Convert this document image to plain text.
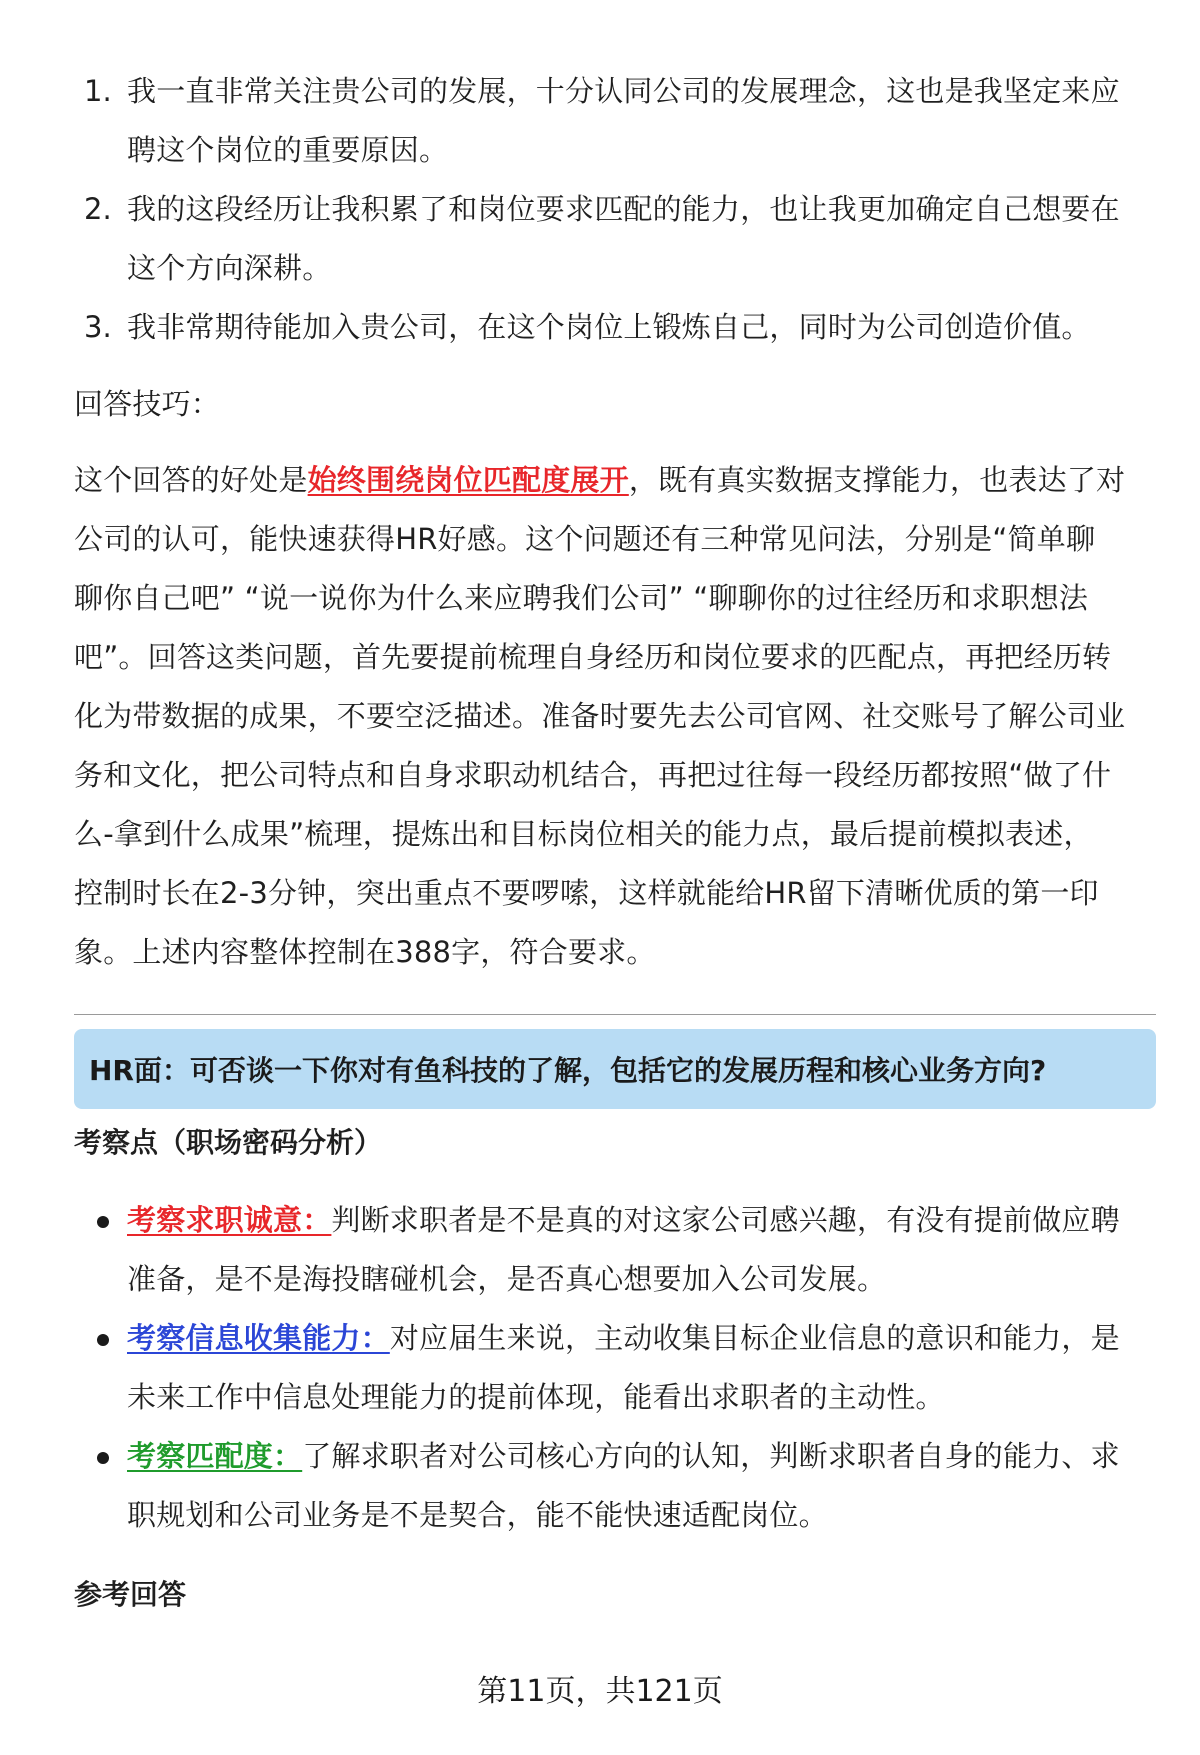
1. 我一直非常关注贵公司的发展，十分认同公司的发展理念，这也是我坚定来应
聘这个岗位的重要原因。
2. 我的这段经历让我积累了和岗位要求匹配的能力，也让我更加确定自己想要在
这个方向深耕。
3. 我非常期待能加入贵公司，在这个岗位上锻炼自己，同时为公司创造价值。
回答技巧：
这个回答的好处是始终围绕岗位匹配度展开，既有真实数据支撑能力，也表达了对
公司的认可，能快速获得HR好感。这个问题还有三种常见问法，分别是“简单聊
聊你自己吧” “说一说你为什么来应聘我们公司” “聊聊你的过往经历和求职想法
吧”。回答这类问题，首先要提前梳理自身经历和岗位要求的匹配点，再把经历转
化为带数据的成果，不要空泛描述。准备时要先去公司官网、社交账号了解公司业
务和文化，把公司特点和自身求职动机结合，再把过往每一段经历都按照“做了什
么-拿到什么成果”梳理，提炼出和目标岗位相关的能力点，最后提前模拟表述，
控制时长在2-3分钟，突出重点不要啰嗦，这样就能给HR留下清晰优质的第一印
象。上述内容整体控制在388字，符合要求。
HR面：可否谈一下你对有鱼科技的了解，包括它的发展历程和核心业务方向?
考察点（职场密码分析）
考察求职诚意：判断求职者是不是真的对这家公司感兴趣，有没有提前做应聘
准备，是不是海投瞎碰机会，是否真心想要加入公司发展。
考察信息收集能力：对应届生来说，主动收集目标企业信息的意识和能力，是
未来工作中信息处理能力的提前体现，能看出求职者的主动性。
考察匹配度：了解求职者对公司核心方向的认知，判断求职者自身的能力、求
职规划和公司业务是不是契合，能不能快速适配岗位。
参考回答
第11页，共121页
